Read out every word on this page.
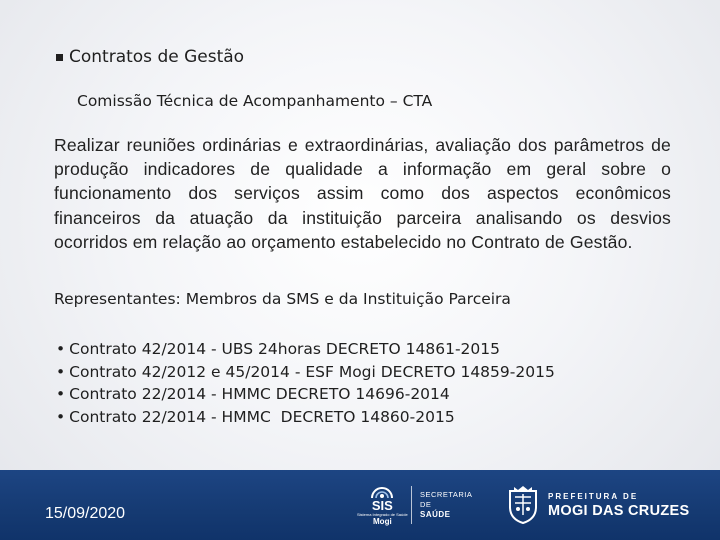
Contratos de Gestão
Comissão Técnica de Acompanhamento – CTA
Realizar reuniões ordinárias e extraordinárias, avaliação dos parâmetros de produção indicadores de qualidade a informação em geral sobre o funcionamento dos serviços assim como dos aspectos econômicos financeiros da atuação da instituição parceira analisando os desvios ocorridos em relação ao orçamento estabelecido no Contrato de Gestão.
Representantes: Membros da SMS e da Instituição Parceira
• Contrato 42/2014 - UBS 24horas DECRETO 14861-2015
• Contrato 42/2012 e 45/2014 - ESF Mogi DECRETO 14859-2015
• Contrato 22/2014 - HMMC DECRETO 14696-2014
• Contrato 22/2014 - HMMC  DECRETO 14860-2015
15/09/2020	SIS
Sistema Integrado de Saúde
Mogi
SECRETARIA
DE
SAÚDE
PREFEITURA DE
MOGI DAS CRUZES
